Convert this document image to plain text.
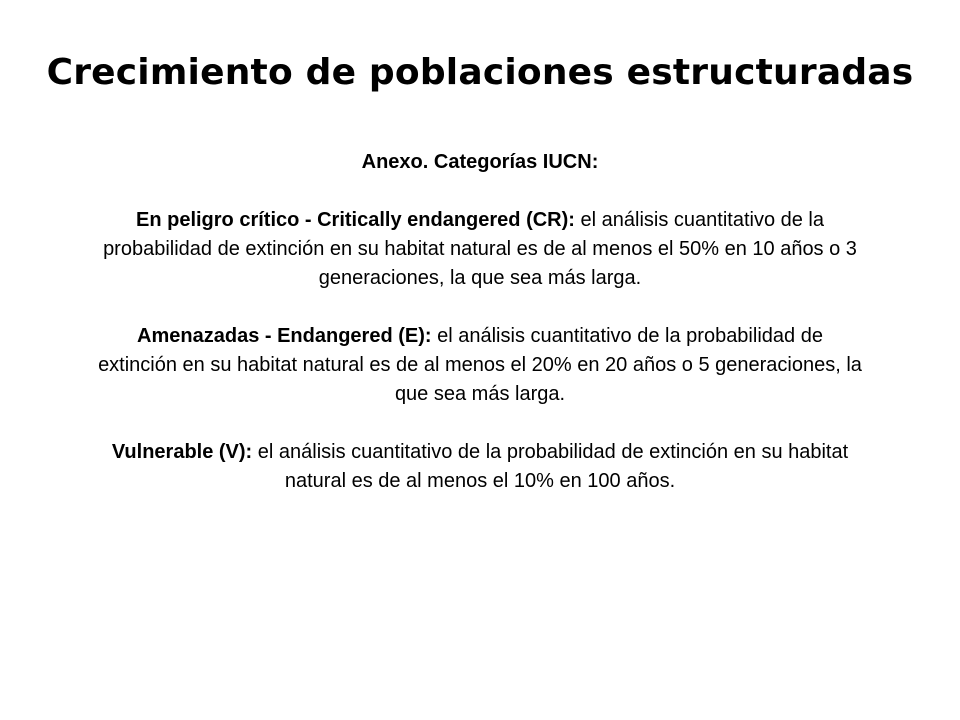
Crecimiento de poblaciones estructuradas

Anexo. Categorías IUCN:

En peligro crítico - Critically endangered (CR): el análisis cuantitativo de la probabilidad de extinción en su habitat natural es de al menos el 50% en 10 años o 3 generaciones, la que sea más larga.

Amenazadas - Endangered (E): el análisis cuantitativo de la probabilidad de extinción en su habitat natural es de al menos el 20% en 20 años o 5 generaciones, la que sea más larga.

Vulnerable (V): el análisis cuantitativo de la probabilidad de extinción en su habitat natural es de al menos el 10% en 100 años.
